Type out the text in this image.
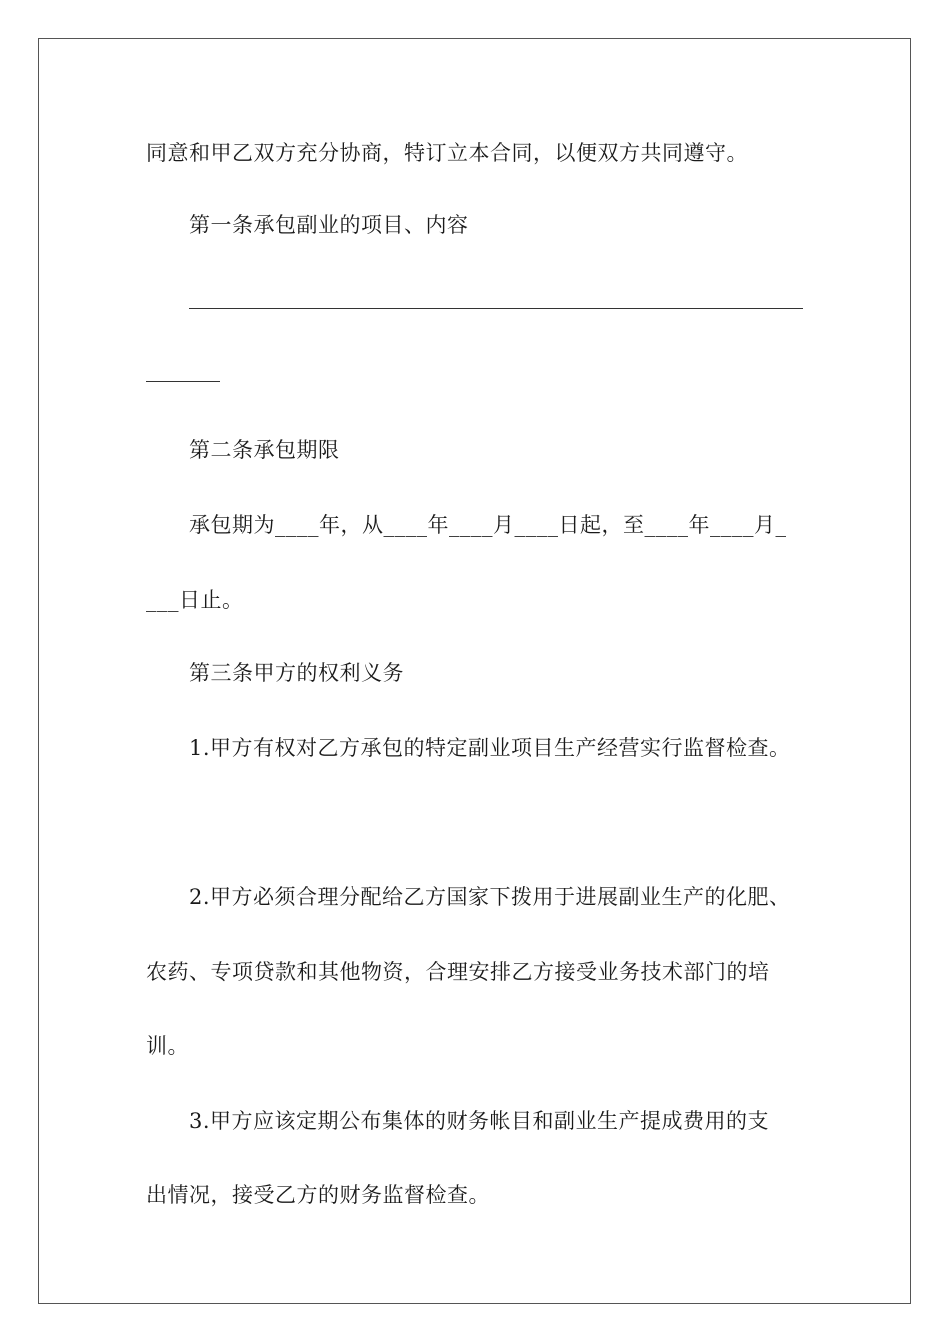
同意和甲乙双方充分协商，特订立本合同，以便双方共同遵守。
第一条承包副业的项目、内容
第二条承包期限
承包期为____年，从____年____月____日起，至____年____月_
___日止。
第三条甲方的权利义务
1.甲方有权对乙方承包的特定副业项目生产经营实行监督检查。
2.甲方必须合理分配给乙方国家下拨用于进展副业生产的化肥、
农药、专项贷款和其他物资，合理安排乙方接受业务技术部门的培
训。
3.甲方应该定期公布集体的财务帐目和副业生产提成费用的支
出情况，接受乙方的财务监督检查。
